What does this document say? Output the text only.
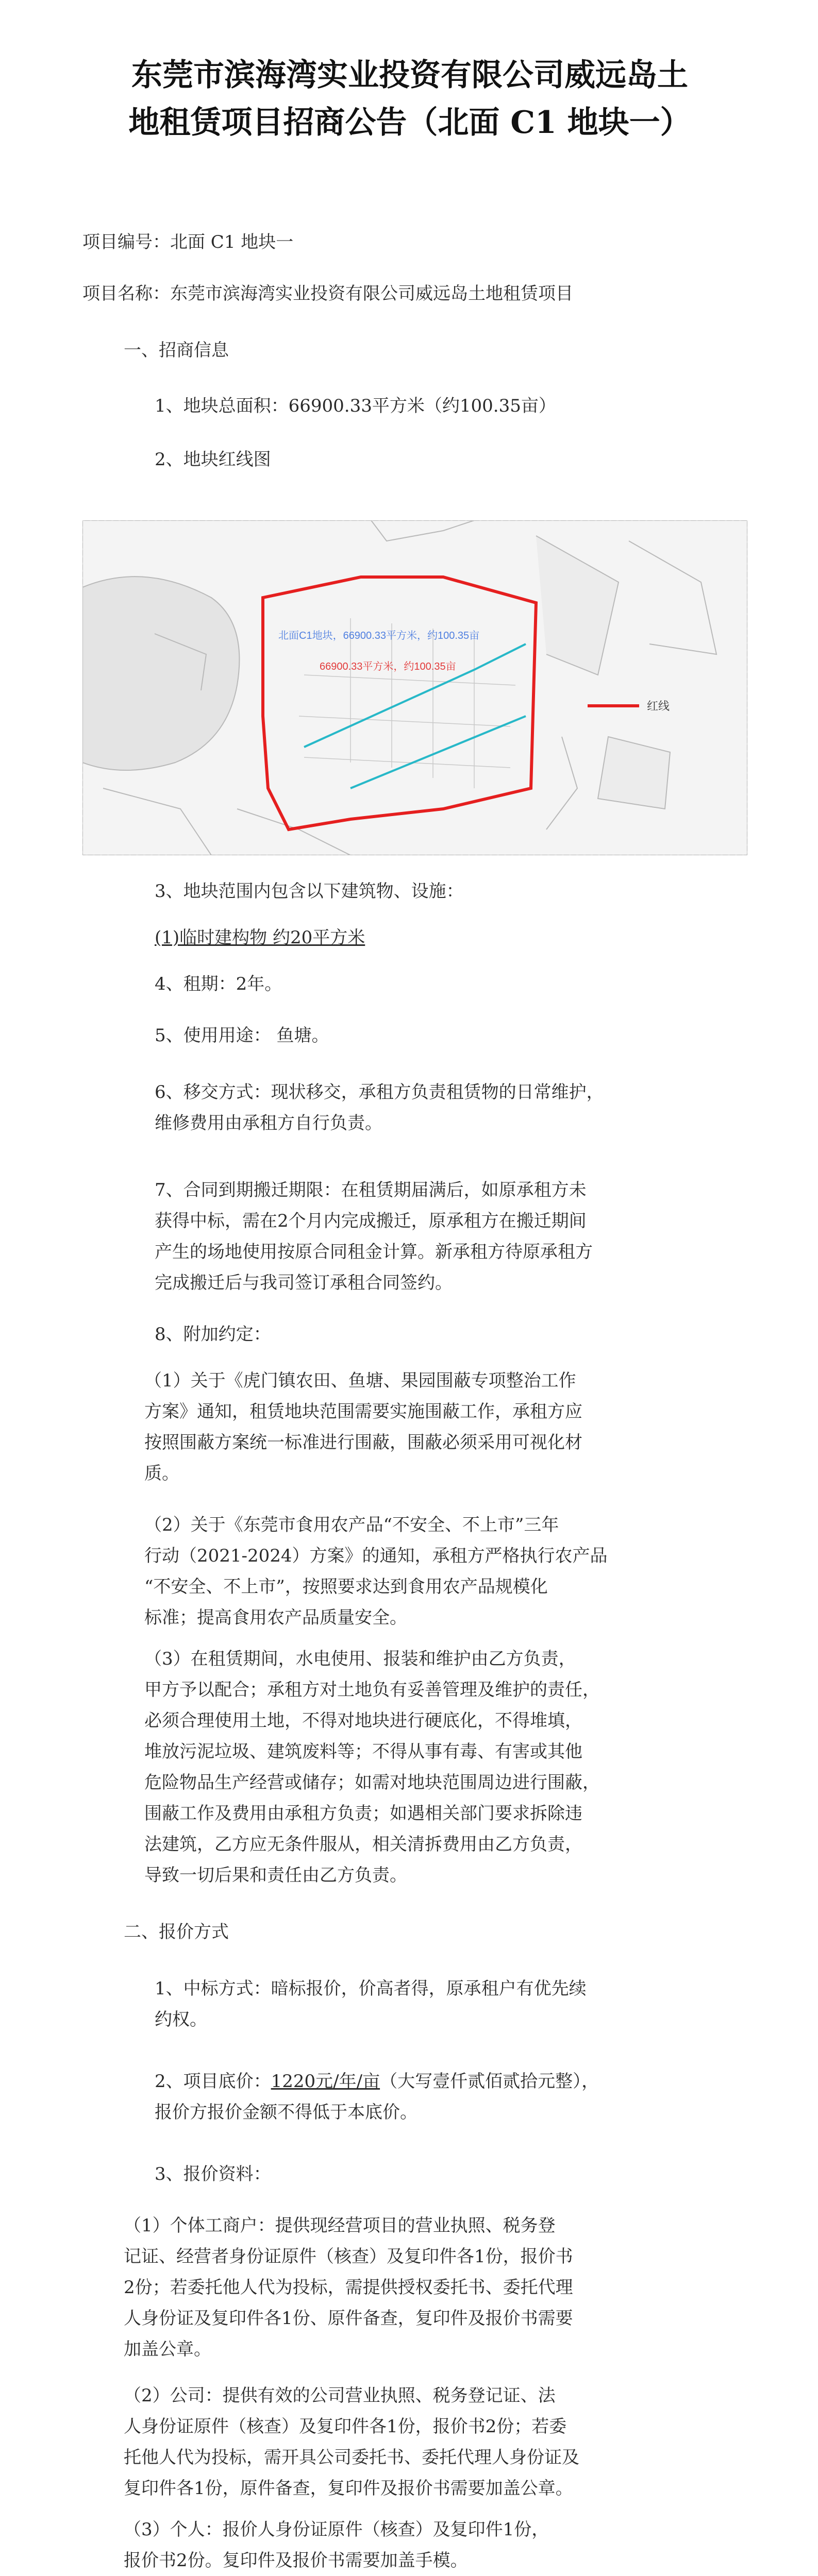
东莞市滨海湾实业投资有限公司威远岛土
地租赁项目招商公告（北面 C1 地块一）
项目编号：北面 C1 地块一
项目名称：东莞市滨海湾实业投资有限公司威远岛土地租赁项目
一、招商信息
1、地块总面积：66900.33平方米（约100.35亩）
2、地块红线图
北面C1地块，66900.33平方米，约100.35亩
66900.33平方米，约100.35亩
红线
3、地块范围内包含以下建筑物、设施：
(1)临时建构物 约20平方米
4、租期：2年。
5、使用用途： 鱼塘。
6、移交方式：现状移交，承租方负责租赁物的日常维护，
维修费用由承租方自行负责。
7、合同到期搬迁期限：在租赁期届满后，如原承租方未
获得中标，需在2个月内完成搬迁，原承租方在搬迁期间
产生的场地使用按原合同租金计算。新承租方待原承租方
完成搬迁后与我司签订承租合同签约。
8、附加约定：
（1）关于《虎门镇农田、鱼塘、果园围蔽专项整治工作
方案》通知，租赁地块范围需要实施围蔽工作，承租方应
按照围蔽方案统一标准进行围蔽，围蔽必须采用可视化材
质。
（2）关于《东莞市食用农产品“不安全、不上市”三年
行动（2021-2024）方案》的通知，承租方严格执行农产品
“不安全、不上市”，按照要求达到食用农产品规模化
标准；提高食用农产品质量安全。
（3）在租赁期间，水电使用、报装和维护由乙方负责，
甲方予以配合；承租方对土地负有妥善管理及维护的责任，
必须合理使用土地，不得对地块进行硬底化，不得堆填，
堆放污泥垃圾、建筑废料等；不得从事有毒、有害或其他
危险物品生产经营或储存；如需对地块范围周边进行围蔽，
围蔽工作及费用由承租方负责；如遇相关部门要求拆除违
法建筑，乙方应无条件服从，相关清拆费用由乙方负责，
导致一切后果和责任由乙方负责。
二、报价方式
1、中标方式：暗标报价，价高者得，原承租户有优先续
约权。
2、项目底价：1220元/年/亩（大写壹仟贰佰贰拾元整），
报价方报价金额不得低于本底价。
3、报价资料：
（1）个体工商户：提供现经营项目的营业执照、税务登
记证、经营者身份证原件（核查）及复印件各1份，报价书
2份；若委托他人代为投标，需提供授权委托书、委托代理
人身份证及复印件各1份、原件备查，复印件及报价书需要
加盖公章。
（2）公司：提供有效的公司营业执照、税务登记证、法
人身份证原件（核查）及复印件各1份，报价书2份；若委
托他人代为投标，需开具公司委托书、委托代理人身份证及
复印件各1份，原件备查，复印件及报价书需要加盖公章。
（3）个人：报价人身份证原件（核查）及复印件1份，
报价书2份。复印件及报价书需要加盖手模。
